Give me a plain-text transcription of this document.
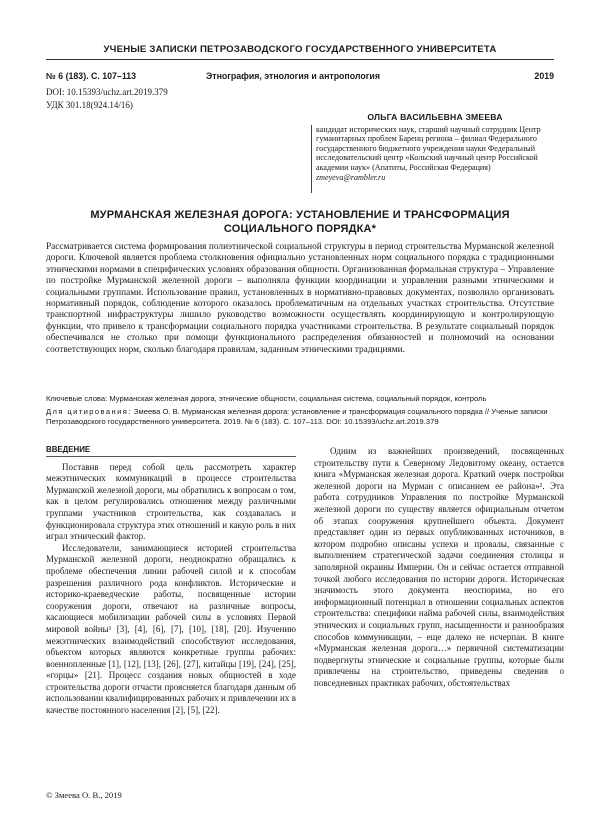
УЧЕНЫЕ ЗАПИСКИ ПЕТРОЗАВОДСКОГО ГОСУДАРСТВЕННОГО УНИВЕРСИТЕТА
№ 6 (183). С. 107–113	Этнография, этнология и антропология	2019
DOI: 10.15393/uchz.art.2019.379
УДК 301.18(924.14/16)
ОЛЬГА ВАСИЛЬЕВНА ЗМЕЕВА
кандидат исторических наук, старший научный сотрудник Центр гуманитарных проблем Баренц региона – филиал Федерального государственного бюджетного учреждения науки Федеральный исследовательский центр «Кольский научный центр Российской академии наук» (Апатиты, Российская Федерация)
zmeyeva@rambler.ru
МУРМАНСКАЯ ЖЕЛЕЗНАЯ ДОРОГА: УСТАНОВЛЕНИЕ И ТРАНСФОРМАЦИЯ СОЦИАЛЬНОГО ПОРЯДКА*
Рассматривается система формирования полиэтнической социальной структуры в период строительства Мурманской железной дороги. Ключевой является проблема столкновения официально установленных норм социального порядка с традиционными этническими нормами в специфических условиях образования общности. Организованная формальная структура – Управление по постройке Мурманской железной дороги – выполняла функции координации и управления разными этническими и социальными группами. Использование правил, установленных в нормативно-правовых документах, позволило организовать нормативный порядок, соблюдение которого оказалось проблематичным на отдельных участках строительства. Отсутствие транспортной инфраструктуры лишило руководство возможности осуществлять координирующую и контролирующую функции, что привело к трансформации социального порядка участниками строительства. В результате социальный порядок обеспечивался не столько при помощи функционального распределения обязанностей и полномочий на основании соответствующих норм, сколько благодаря правилам, заданным этническими традициями.
Ключевые слова: Мурманская железная дорога, этнические общности, социальная система, социальный порядок, контроль
Для цитирования: Змеева О. В. Мурманская железная дорога: установление и трансформация социального порядка // Ученые записки Петрозаводского государственного университета. 2019. № 6 (183). С. 107–113. DOI: 10.15393/uchz.art.2019.379
ВВЕДЕНИЕ

Поставив перед собой цель рассмотреть характер межэтнических коммуникаций в процессе строительства Мурманской железной дороги, мы обратились к вопросам о том, как в целом регулировались отношения между различными группами участников строительства, как создавалась и функционировала структура этих отношений и какую роль в них играл этнический фактор.

Исследователи, занимающиеся историей строительства Мурманской железной дороги, неоднократно обращались к проблеме обеспечения линии рабочей силой и к способам разрешения различного рода конфликтов. Исторические и историко-краеведческие работы, посвященные истории сооружения дороги, отвечают на различные вопросы, касающиеся мобилизации рабочей силы в условиях Первой мировой войны¹ [3], [4], [6], [7], [10], [18], [20]. Изучению межэтнических взаимодействий способствуют исследования, объектом которых являются конкретные группы рабочих: военнопленные [1], [12], [13], [26], [27], китайцы [19], [24], [25], «горцы» [21]. Процесс создания новых общностей в ходе строительства дороги отчасти проясняется благодаря данным об использовании квалифицированных рабочих и привлечении их в качестве постоянного населения [2], [5], [22].

Одним из важнейших произведений, посвященных строительству пути к Северному Ледовитому океану, остается книга «Мурманская железная дорога. Краткий очерк постройки железной дороги на Мурман с описанием ее района»². Эта работа сотрудников Управления по постройке Мурманской железной дороги по существу является официальным отчетом об этапах сооружения крупнейшего объекта. Документ представляет один из первых опубликованных источников, в котором подробно описаны успехи и провалы, связанные с выполнением стратегической задачи соединения столицы и заполярной окраины Империи. Он и сейчас остается отправной точкой любого исследования по истории дороги. Историческая значимость этого документа неоспорима, но его информационный потенциал в отношении социальных аспектов строительства: специфики найма рабочей силы, взаимодействия этнических и социальных групп, насыщенности и разнообразия способов коммуникации, – еще далеко не исчерпан. В книге «Мурманская железная дорога…» первичной систематизации подвергнуты этнические и социальные группы, которые были привлечены на строительство, приведены сведения о повседневных практиках рабочих, обстоятельствах

© Змеева О. В., 2019
